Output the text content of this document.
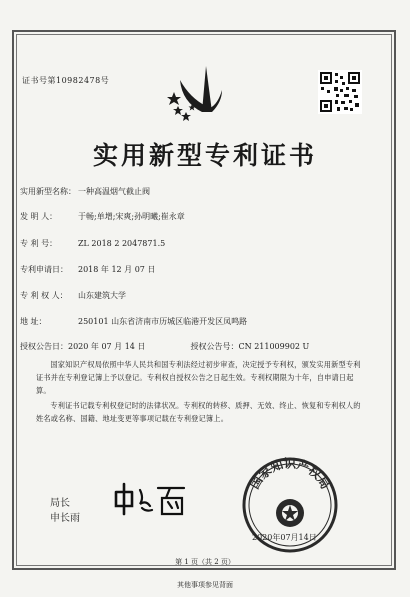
证书号第10982478号
实用新型专利证书
实用新型名称： 一种高温烟气截止阀
发 明 人：	于畅;单增;宋爽;孙明曦;崔永章
专 利 号：	ZL 2018 2 2047871.5
专利申请日： 2018 年 12 月 07 日
专 利 权 人： 山东建筑大学
地 址：	250101 山东省济南市历城区临港开发区凤鸣路
授权公告日：2020 年 07 月 14 日	授权公告号：CN 211009902 U
国家知识产权局依照中华人民共和国专利法经过初步审查，决定授予专利权，颁发实用新型专利证书并在专利登记簿上予以登记。专利权自授权公告之日起生效。专利权期限为十年，自申请日起算。
专利证书记载专利权登记时的法律状况。专利权的转移、质押、无效、终止、恢复和专利权人的姓名或名称、国籍、地址变更等事项记载在专利登记簿上。
局长
申长雨
国家知识产权局
2020年07月14日
第 1 页（共 2 页）
其他事项参见背面
